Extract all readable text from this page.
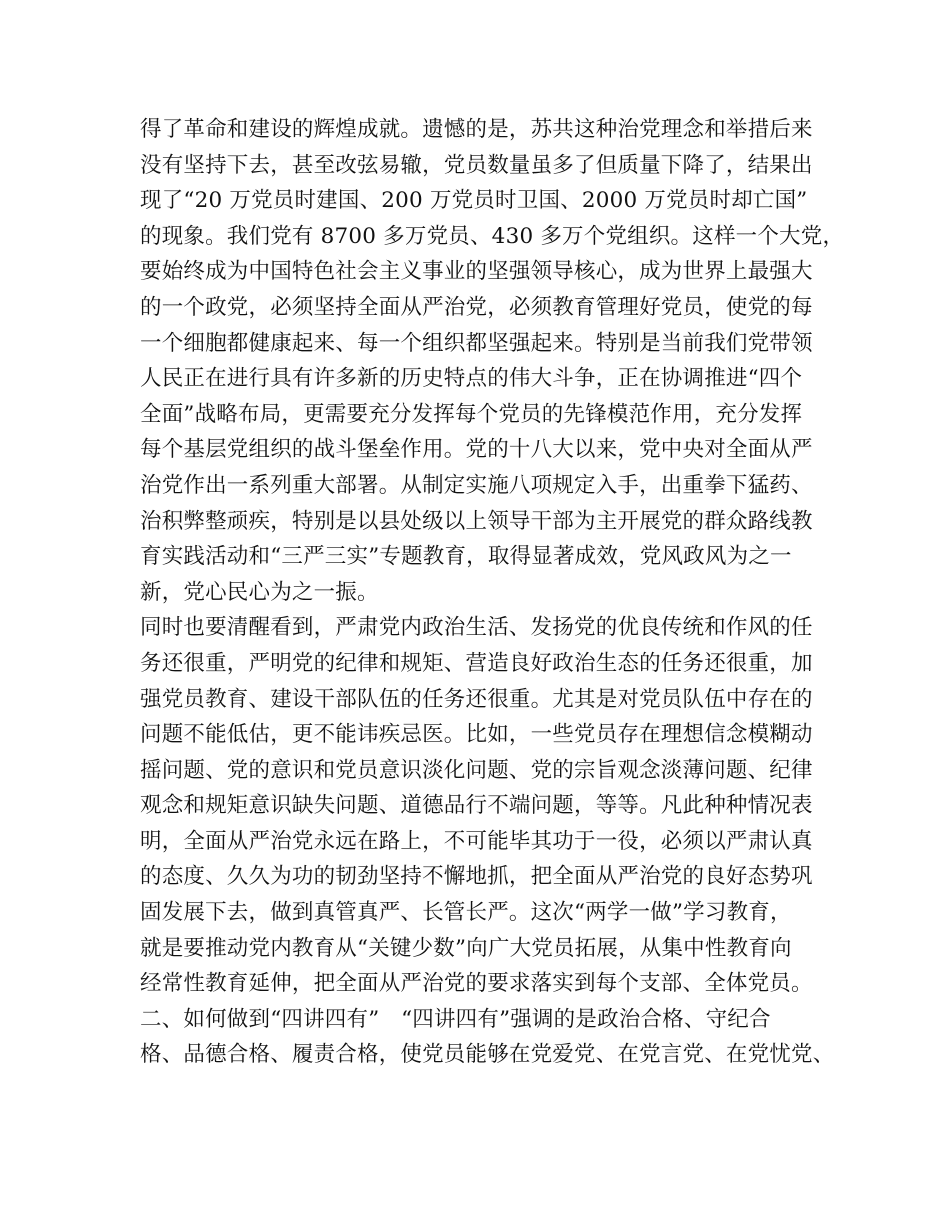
得了革命和建设的辉煌成就。遗憾的是，苏共这种治党理念和举措后来
没有坚持下去，甚至改弦易辙，党员数量虽多了但质量下降了，结果出
现了“20 万党员时建国、200 万党员时卫国、2000 万党员时却亡国”
的现象。我们党有 8700 多万党员、430 多万个党组织。这样一个大党，
要始终成为中国特色社会主义事业的坚强领导核心，成为世界上最强大
的一个政党，必须坚持全面从严治党，必须教育管理好党员，使党的每
一个细胞都健康起来、每一个组织都坚强起来。特别是当前我们党带领
人民正在进行具有许多新的历史特点的伟大斗争，正在协调推进“四个
全面”战略布局，更需要充分发挥每个党员的先锋模范作用，充分发挥
每个基层党组织的战斗堡垒作用。党的十八大以来，党中央对全面从严
治党作出一系列重大部署。从制定实施八项规定入手，出重拳下猛药、
治积弊整顽疾，特别是以县处级以上领导干部为主开展党的群众路线教
育实践活动和“三严三实”专题教育，取得显著成效，党风政风为之一
新，党心民心为之一振。
同时也要清醒看到，严肃党内政治生活、发扬党的优良传统和作风的任
务还很重，严明党的纪律和规矩、营造良好政治生态的任务还很重，加
强党员教育、建设干部队伍的任务还很重。尤其是对党员队伍中存在的
问题不能低估，更不能讳疾忌医。比如，一些党员存在理想信念模糊动
摇问题、党的意识和党员意识淡化问题、党的宗旨观念淡薄问题、纪律
观念和规矩意识缺失问题、道德品行不端问题，等等。凡此种种情况表
明，全面从严治党永远在路上，不可能毕其功于一役，必须以严肃认真
的态度、久久为功的韧劲坚持不懈地抓，把全面从严治党的良好态势巩
固发展下去，做到真管真严、长管长严。这次“两学一做”学习教育，
就是要推动党内教育从“关键少数”向广大党员拓展，从集中性教育向
经常性教育延伸，把全面从严治党的要求落实到每个支部、全体党员。
二、如何做到“四讲四有”　“四讲四有”强调的是政治合格、守纪合
格、品德合格、履责合格，使党员能够在党爱党、在党言党、在党忧党、
